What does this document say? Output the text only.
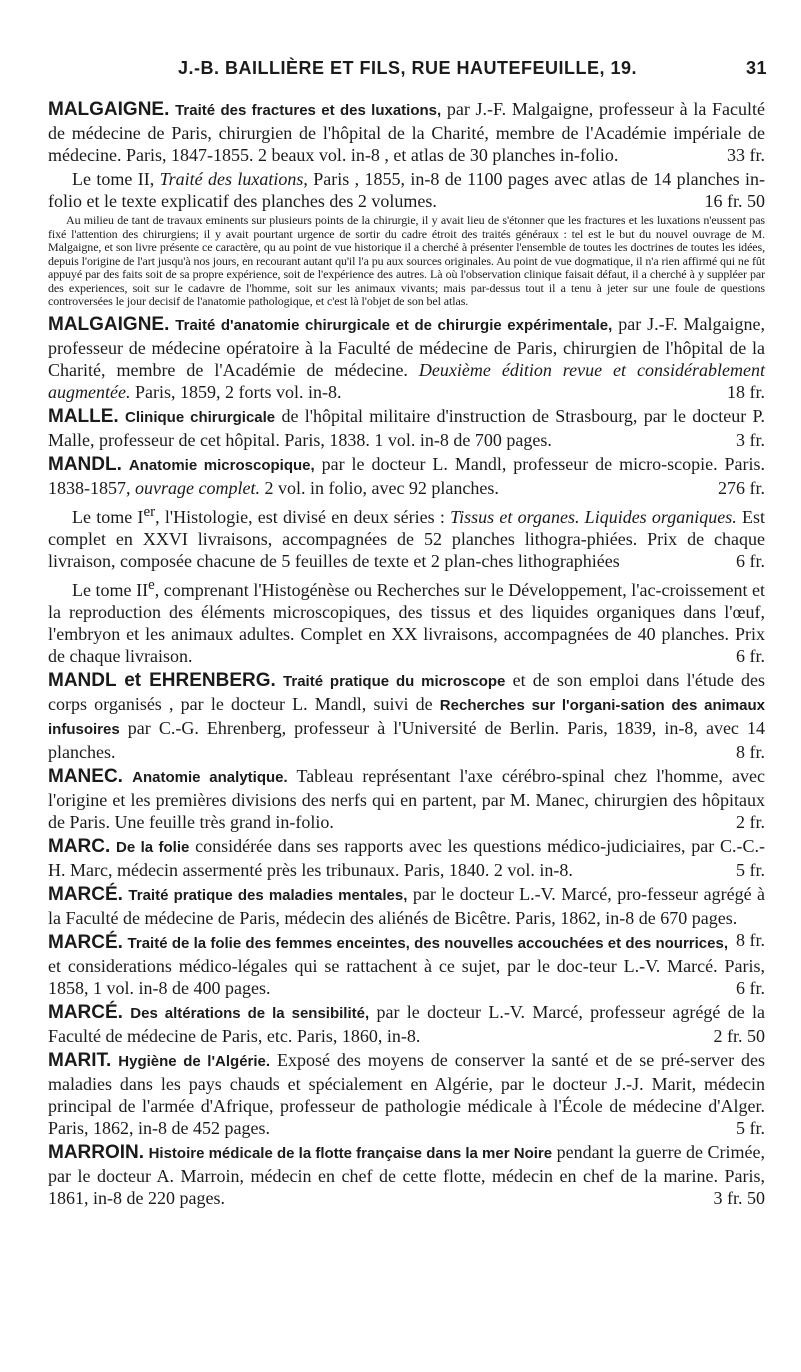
J.-B. BAILLIÈRE ET FILS, RUE HAUTEFEUILLE, 19.	31

MALGAIGNE. Traité des fractures et des luxations, par J.-F. Malgaigne, professeur à la Faculté de médecine de Paris, chirurgien de l'hôpital de la Charité, membre de l'Académie impériale de médecine. Paris, 1847-1855. 2 beaux vol. in-8 , et atlas de 30 planches in-folio.	33 fr.

Le tome II, Traité des luxations, Paris , 1855, in-8 de 1100 pages avec atlas de 14 planches in-folio et le texte explicatif des planches des 2 volumes.	16 fr. 50

Au milieu de tant de travaux eminents sur plusieurs points de la chirurgie, il y avait lieu de s'étonner que les fractures et les luxations n'eussent pas fixé l'attention des chirurgiens; il y avait pourtant urgence de sortir du cadre étroit des traités généraux : tel est le but du nouvel ouvrage de M. Malgaigne, et son livre présente ce caractère, qu au point de vue historique il a cherché à présenter l'ensemble de toutes les doctrines de toutes les idées, depuis l'origine de l'art jusqu'à nos jours, en recourant autant qu'il l'a pu aux sources originales. Au point de vue dogmatique, il n'a rien affirmé qui ne fût appuyé par des faits soit de sa propre expérience, soit de l'expérience des autres. Là où l'observation clinique faisait défaut, il a cherché à y suppléer par des experiences, soit sur le cadavre de l'homme, soit sur les animaux vivants; mais par-dessus tout il a tenu à jeter sur une foule de questions controversées le jour decisif de l'anatomie pathologique, et c'est là l'objet de son bel atlas.

MALGAIGNE. Traité d'anatomie chirurgicale et de chirurgie expérimentale, par J.-F. Malgaigne, professeur de médecine opératoire à la Faculté de médecine de Paris, chirurgien de l'hôpital de la Charité, membre de l'Académie de médecine. Deuxième édition revue et considérablement augmentée. Paris, 1859, 2 forts vol. in-8.	18 fr.

MALLE. Clinique chirurgicale de l'hôpital militaire d'instruction de Strasbourg, par le docteur P. Malle, professeur de cet hôpital. Paris, 1838. 1 vol. in-8 de 700 pages.	3 fr.

MANDL. Anatomie microscopique, par le docteur L. Mandl, professeur de micro-scopie. Paris. 1838-1857, ouvrage complet. 2 vol. in folio, avec 92 planches.	276 fr.

Le tome Ier, l'Histologie, est divisé en deux séries : Tissus et organes. Liquides organiques. Est complet en XXVI livraisons, accompagnées de 52 planches lithogra-phiées. Prix de chaque livraison, composée chacune de 5 feuilles de texte et 2 plan-ches lithographiées	6 fr.

Le tome IIe, comprenant l'Histogénèse ou Recherches sur le Développement, l'ac-croissement et la reproduction des éléments microscopiques, des tissus et des liquides organiques dans l'œuf, l'embryon et les animaux adultes. Complet en XX livraisons, accompagnées de 40 planches. Prix de chaque livraison.	6 fr.

MANDL et EHRENBERG. Traité pratique du microscope et de son emploi dans l'étude des corps organisés , par le docteur L. Mandl, suivi de Recherches sur l'organi-sation des animaux infusoires par C.-G. Ehrenberg, professeur à l'Université de Berlin. Paris, 1839, in-8, avec 14 planches.	8 fr.

MANEC. Anatomie analytique. Tableau représentant l'axe cérébro-spinal chez l'homme, avec l'origine et les premières divisions des nerfs qui en partent, par M. Manec, chirurgien des hôpitaux de Paris. Une feuille très grand in-folio.	2 fr.

MARC. De la folie considérée dans ses rapports avec les questions médico-judiciaires, par C.-C.-H. Marc, médecin assermenté près les tribunaux. Paris, 1840. 2 vol. in-8.	5 fr.

MARCÉ. Traité pratique des maladies mentales, par le docteur L.-V. Marcé, pro-fesseur agrégé à la Faculté de médecine de Paris, médecin des aliénés de Bicêtre. Paris, 1862, in-8 de 670 pages.
8 fr.

MARCÉ. Traité de la folie des femmes enceintes, des nouvelles accouchées et des nourrices, et considerations médico-légales qui se rattachent à ce sujet, par le doc-teur L.-V. Marcé. Paris, 1858, 1 vol. in-8 de 400 pages.	6 fr.

MARCÉ. Des altérations de la sensibilité, par le docteur L.-V. Marcé, professeur agrégé de la Faculté de médecine de Paris, etc. Paris, 1860, in-8.	2 fr. 50

MARIT. Hygiène de l'Algérie. Exposé des moyens de conserver la santé et de se pré-server des maladies dans les pays chauds et spécialement en Algérie, par le docteur J.-J. Marit, médecin principal de l'armée d'Afrique, professeur de pathologie médicale à l'École de médecine d'Alger. Paris, 1862, in-8 de 452 pages.	5 fr.

MARROIN. Histoire médicale de la flotte française dans la mer Noire pendant la guerre de Crimée, par le docteur A. Marroin, médecin en chef de cette flotte, médecin en chef de la marine. Paris, 1861, in-8 de 220 pages.	3 fr. 50
